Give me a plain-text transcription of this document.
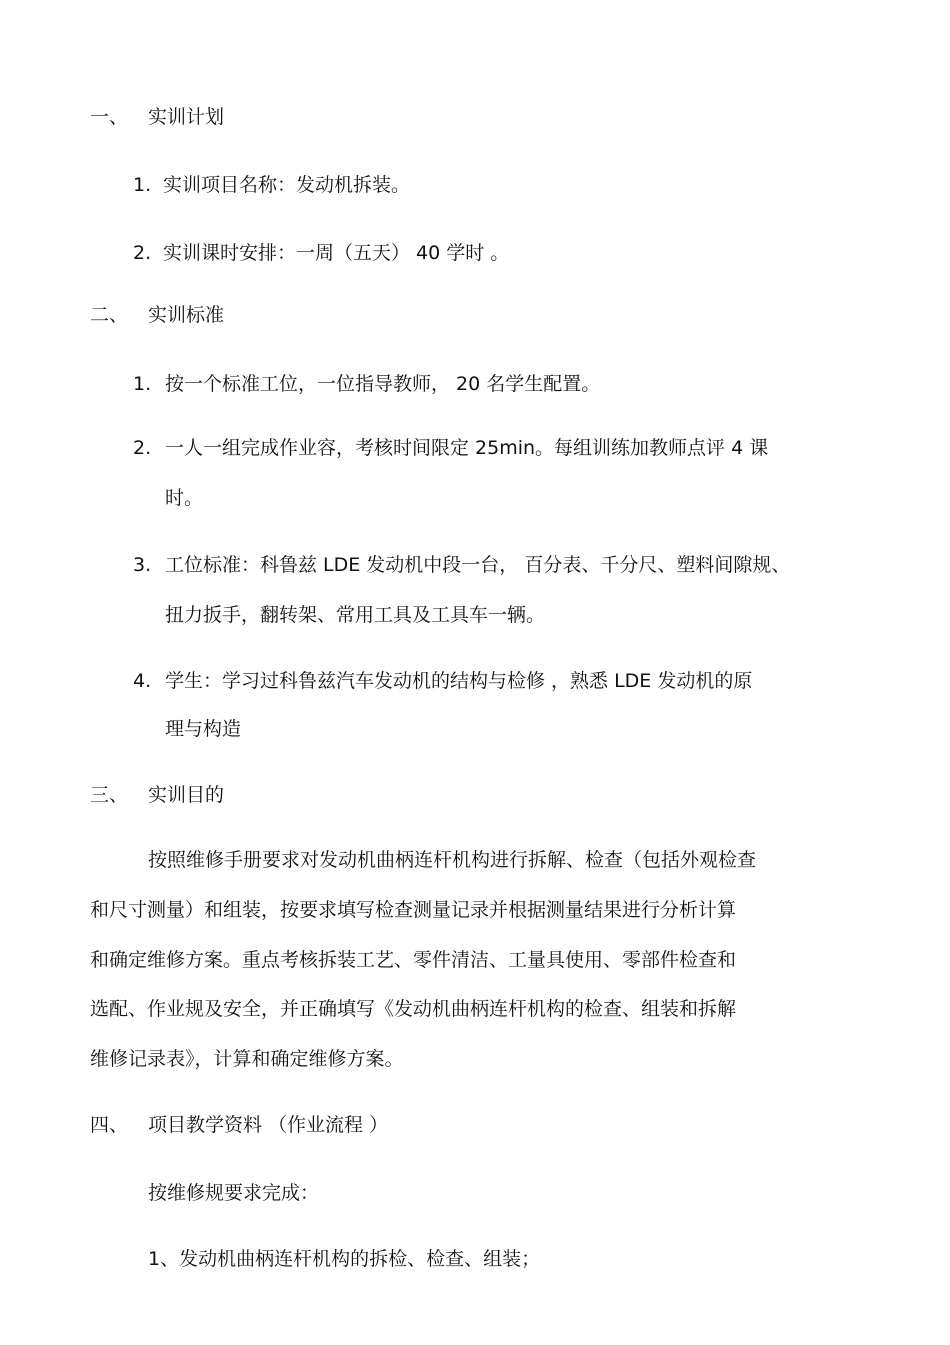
一、 实训计划
1. 实训项目名称：发动机拆装。
2. 实训课时安排：一周（五天） 40 学时 。
二、 实训标准
1. 按一个标准工位，一位指导教师， 20 名学生配置。
2. 一人一组完成作业容，考核时间限定 25min。每组训练加教师点评 4 课
时。
3. 工位标准：科鲁兹 LDE 发动机中段一台， 百分表、千分尺、塑料间隙规、
扭力扳手，翻转架、常用工具及工具车一辆。
4. 学生：学习过科鲁兹汽车发动机的结构与检修 ，熟悉 LDE 发动机的原
理与构造
三、 实训目的
按照维修手册要求对发动机曲柄连杆机构进行拆解、检查（包括外观检查
和尺寸测量）和组装，按要求填写检查测量记录并根据测量结果进行分析计算
和确定维修方案。重点考核拆装工艺、零件清洁、工量具使用、零部件检查和
选配、作业规及安全，并正确填写《发动机曲柄连杆机构的检查、组装和拆解
维修记录表》，计算和确定维修方案。
四、 项目教学资料 （作业流程 ）
按维修规要求完成：
1、发动机曲柄连杆机构的拆检、检查、组装；
